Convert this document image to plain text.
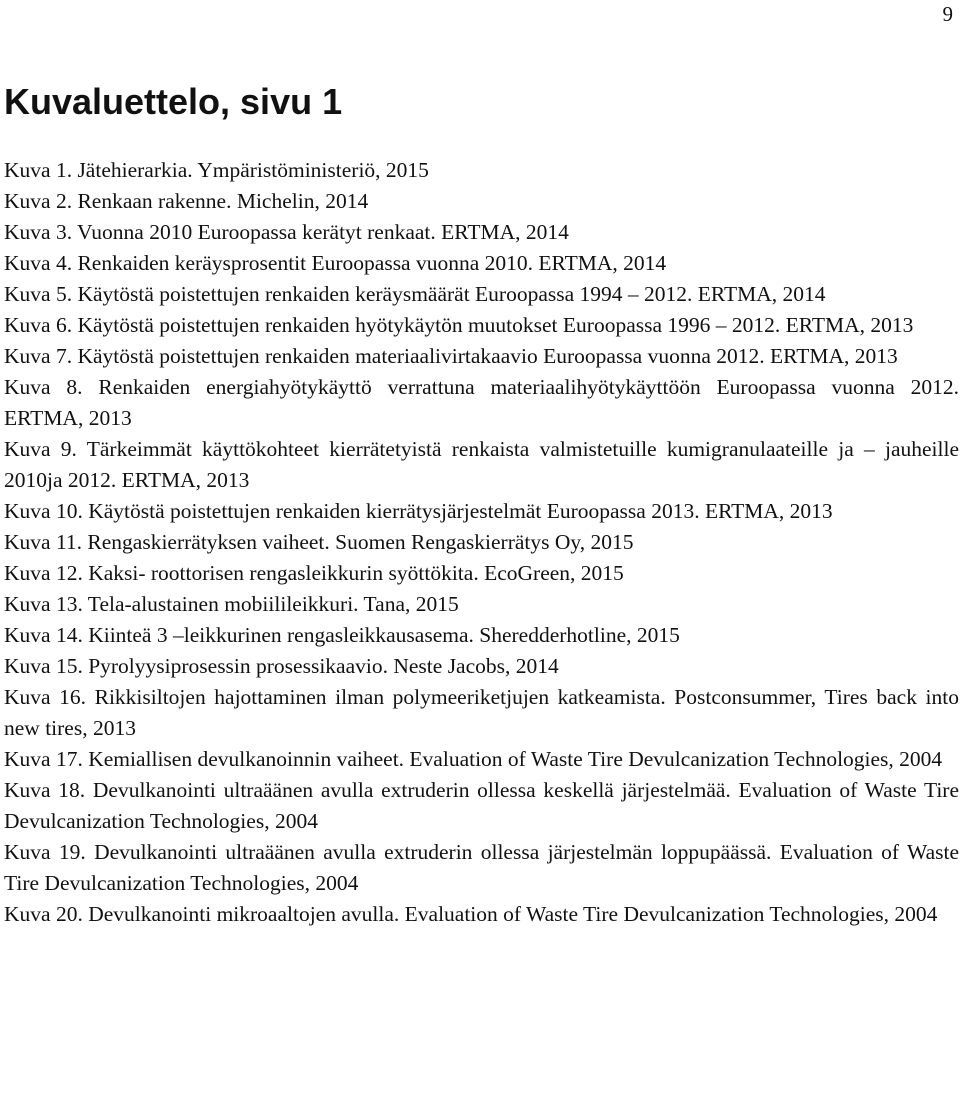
9
Kuvaluettelo, sivu 1
Kuva 1. Jätehierarkia. Ympäristöministeriö, 2015
Kuva 2. Renkaan rakenne. Michelin, 2014
Kuva 3. Vuonna 2010 Euroopassa kerätyt renkaat. ERTMA, 2014
Kuva 4. Renkaiden keräysprosentit Euroopassa vuonna 2010. ERTMA, 2014
Kuva 5. Käytöstä poistettujen renkaiden keräysmäärät Euroopassa 1994 – 2012. ERTMA, 2014
Kuva 6. Käytöstä poistettujen renkaiden hyötykäytön muutokset Euroopassa 1996 – 2012. ERTMA, 2013
Kuva 7. Käytöstä poistettujen renkaiden materiaalivirtakaavio Euroopassa vuonna 2012. ERTMA, 2013
Kuva 8. Renkaiden energiahyötykäyttö verrattuna materiaalihyötykäyttöön Euroopassa vuonna 2012. ERTMA, 2013
Kuva 9. Tärkeimmät käyttökohteet kierrätetyistä renkaista valmistetuille kumigranulaateille ja – jauheille 2010ja 2012. ERTMA, 2013
Kuva 10. Käytöstä poistettujen renkaiden kierrätysjärjestelmät Euroopassa 2013. ERTMA, 2013
Kuva 11. Rengaskierrätyksen vaiheet. Suomen Rengaskierrätys Oy, 2015
Kuva 12. Kaksi- roottorisen rengasleikkurin syöttökita. EcoGreen, 2015
Kuva 13. Tela-alustainen mobiilileikkuri. Tana, 2015
Kuva 14. Kiinteä 3 –leikkurinen rengasleikkausasema. Sheredderhotline, 2015
Kuva 15. Pyrolyysiprosessin prosessikaavio. Neste Jacobs, 2014
Kuva 16. Rikkisiltojen hajottaminen ilman polymeeriketjujen katkeamista. Postconsummer, Tires back into new tires, 2013
Kuva 17. Kemiallisen devulkanoinnin vaiheet. Evaluation of Waste Tire Devulcanization Technologies, 2004
Kuva 18. Devulkanointi ultraäänen avulla extruderin ollessa keskellä järjestelmää. Evaluation of Waste Tire Devulcanization Technologies, 2004
Kuva 19. Devulkanointi ultraäänen avulla extruderin ollessa järjestelmän loppupäässä. Evaluation of Waste Tire Devulcanization Technologies, 2004
Kuva 20. Devulkanointi mikroaaltojen avulla. Evaluation of Waste Tire Devulcanization Technologies, 2004
